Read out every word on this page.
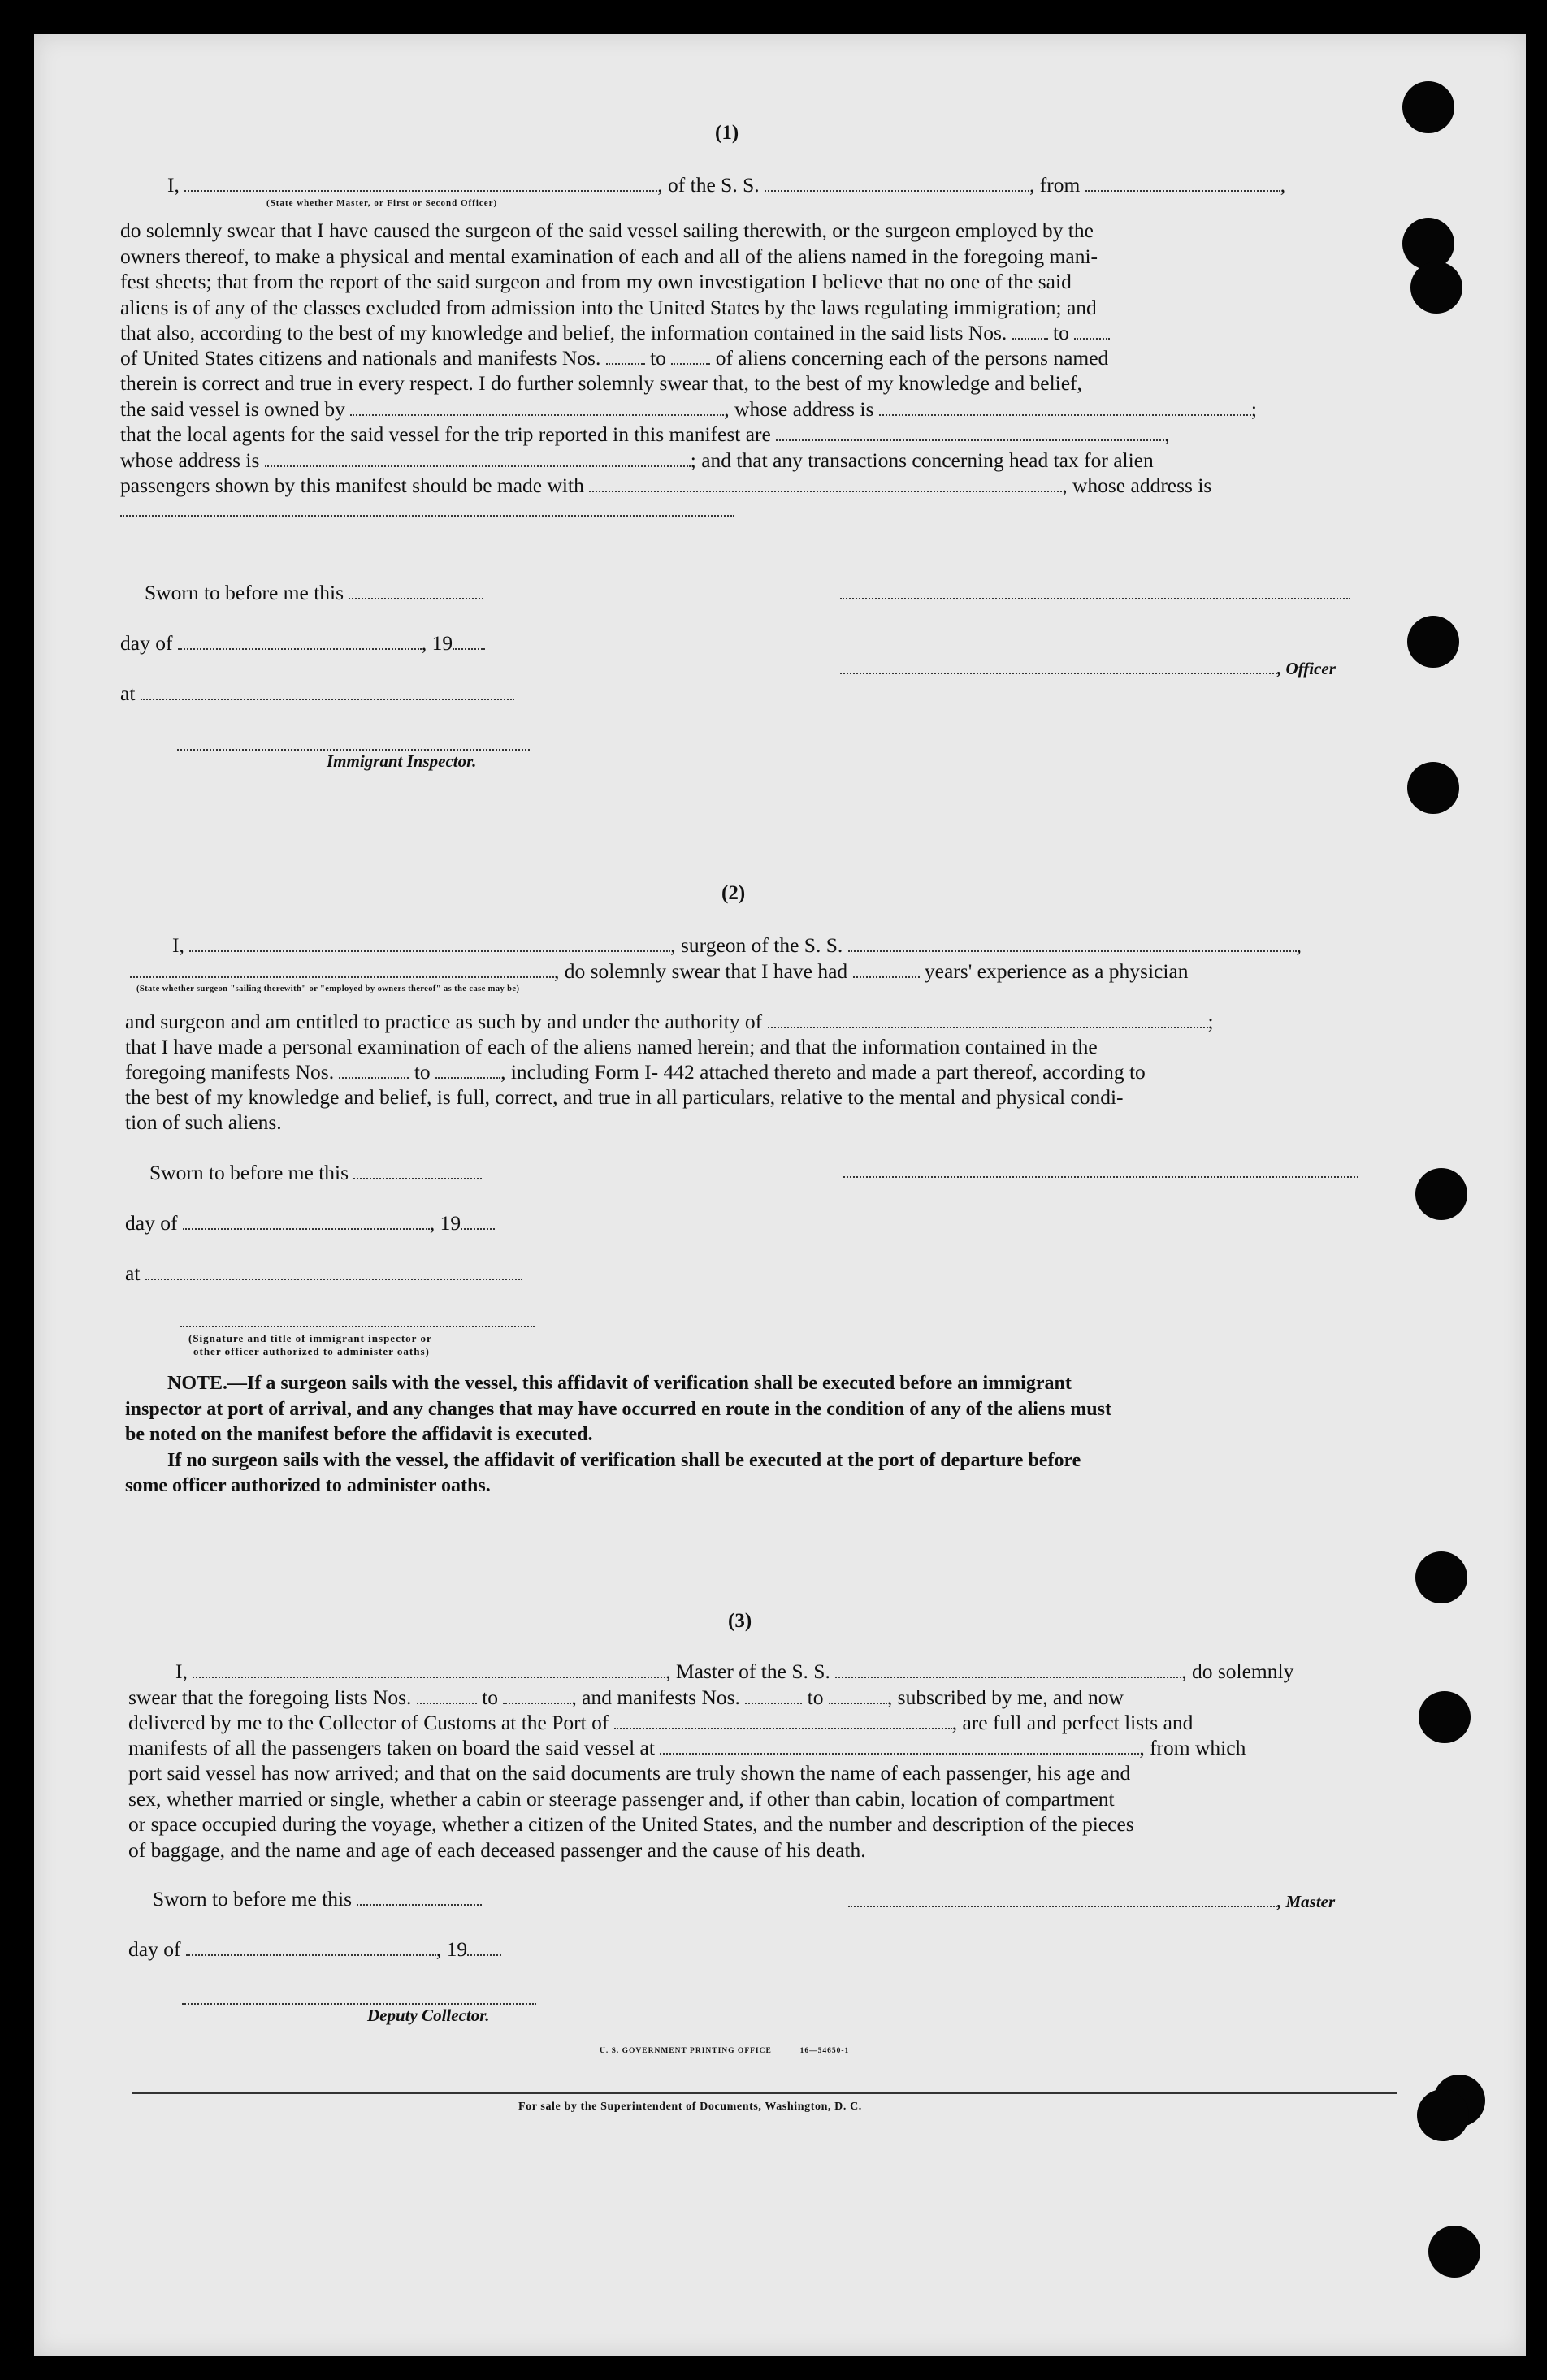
(1)
I,	, of the S. S.	, from	,
(State whether Master, or First or Second Officer)

do solemnly swear that I have caused the surgeon of the said vessel sailing therewith, or the surgeon employed by the

owners thereof, to make a physical and mental examination of each and all of the aliens named in the foregoing mani-

fest sheets; that from the report of the said surgeon and from my own investigation I believe that no one of the said

aliens is of any of the classes excluded from admission into the United States by the laws regulating immigration; and

that also, according to the best of my knowledge and belief, the information contained in the said lists Nos. to
of United States citizens and nationals and manifests Nos. to of aliens concerning each of the persons named
therein is correct and true in every respect. I do further solemnly swear that, to the best of my knowledge and belief,
the said vessel is owned by	, whose address is	;
that the local agents for the said vessel for the trip reported in this manifest are	,
whose address is	; and that any transactions concerning head tax for alien
passengers shown by this manifest should be made with	, whose address is
Sworn to before me this
day of	, 19
, Officer
at
Immigrant Inspector.
(2)
I,	, surgeon of the S. S.	,
, do solemnly swear that I have had	years' experience as a physician
(State whether surgeon "sailing therewith" or "employed by owners thereof" as the case may be)
and surgeon and am entitled to practice as such by and under the authority of	;
that I have made a personal examination of each of the aliens named herein; and that the information contained in the
foregoing manifests Nos.	to	, including Form I- 442 attached thereto and made a part thereof, according to
the best of my knowledge and belief, is full, correct, and true in all particulars, relative to the mental and physical condi-
tion of such aliens.
Sworn to before me this
day of	, 19
at
(Signature and title of immigrant inspector or
other officer authorized to administer oaths)

NOTE.—If a surgeon sails with the vessel, this affidavit of verification shall be executed before an immigrant

inspector at port of arrival, and any changes that may have occurred en route in the condition of any of the aliens must

be noted on the manifest before the affidavit is executed.

If no surgeon sails with the vessel, the affidavit of verification shall be executed at the port of departure before

some officer authorized to administer oaths.

(3)
I,	, Master of the S. S.	, do solemnly
swear that the foregoing lists Nos.	to	, and manifests Nos.	to	, subscribed by me, and now
delivered by me to the Collector of Customs at the Port of	, are full and perfect lists and
manifests of all the passengers taken on board the said vessel at	, from which

port said vessel has now arrived; and that on the said documents are truly shown the name of each passenger, his age and

sex, whether married or single, whether a cabin or steerage passenger and, if other than cabin, location of compartment

or space occupied during the voyage, whether a citizen of the United States, and the number and description of the pieces

of baggage, and the name and age of each deceased passenger and the cause of his death.

Sworn to before me this	, Master
day of	, 19
Deputy Collector.
U. S. GOVERNMENT PRINTING OFFICE	16—54650-1
For sale by the Superintendent of Documents, Washington, D. C.
